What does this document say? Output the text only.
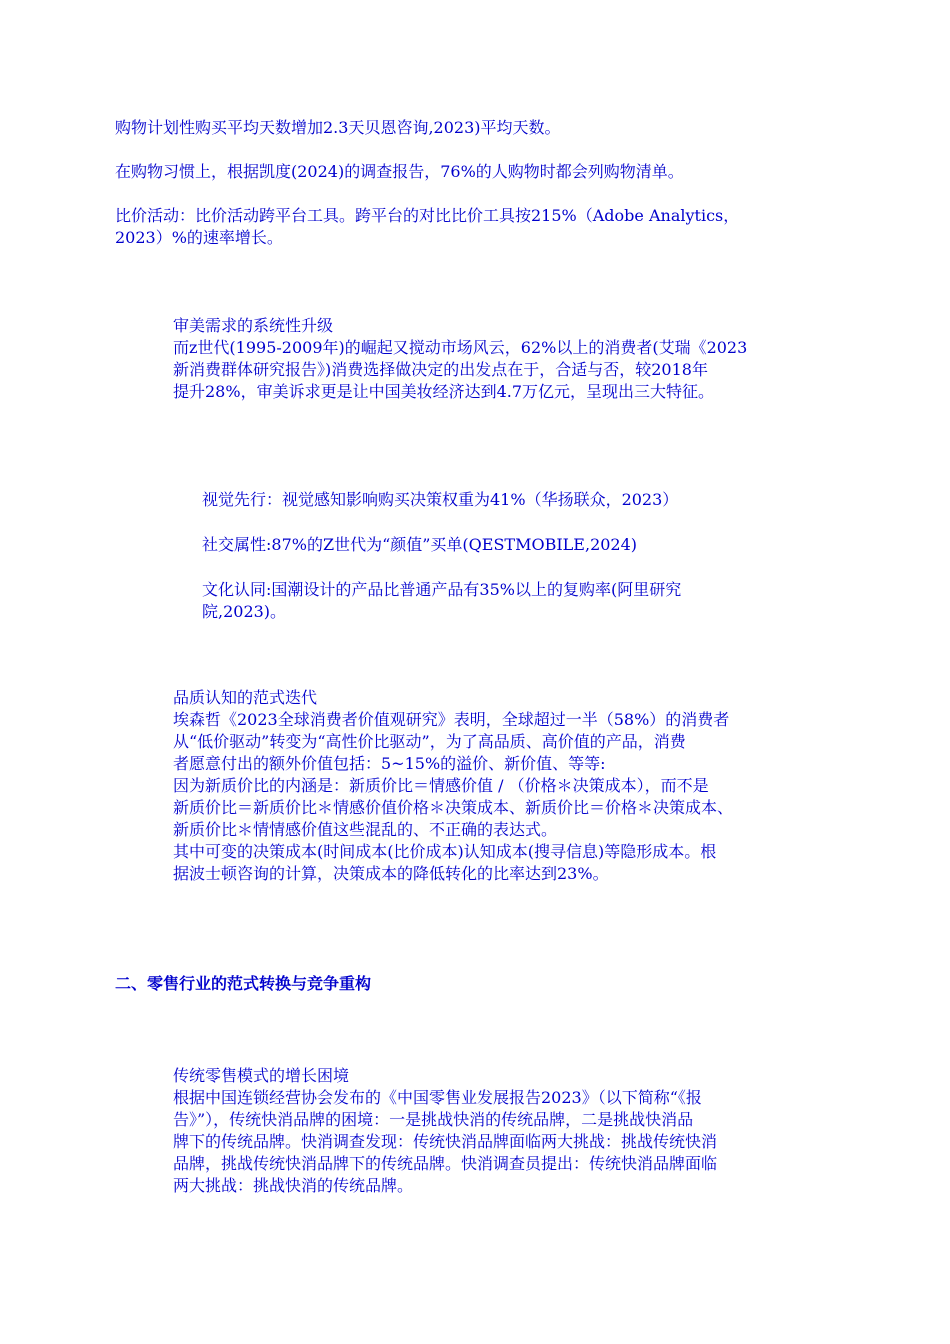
购物计划性购买平均天数增加2.3天贝恩咨询,2023)平均天数。

在购物习惯上，根据凯度(2024)的调查报告，76%的人购物时都会列购物清单。

比价活动：比价活动跨平台工具。跨平台的对比比价工具按215%（Adobe Analytics，
2023）%的速率增长。
审美需求的系统性升级
而z世代(1995-2009年)的崛起又搅动市场风云，62%以上的消费者(艾瑞《2023
新消费群体研究报告》)消费选择做决定的出发点在于，合适与否，较2018年
提升28%，审美诉求更是让中国美妆经济达到4.7万亿元，呈现出三大特征。

视觉先行：视觉感知影响购买决策权重为41%（华扬联众，2023）

社交属性:87%的Z世代为“颜值”买单(QESTMOBILE,2024)

文化认同:国潮设计的产品比普通产品有35%以上的复购率(阿里研究
院,2023)。
品质认知的范式迭代
埃森哲《2023全球消费者价值观研究》表明，全球超过一半（58%）的消费者
从“低价驱动”转变为“高性价比驱动”，为了高品质、高价值的产品，消费
者愿意付出的额外价值包括：5~15%的溢价、新价值、等等:
因为新质价比的内涵是：新质价比＝情感价值 / （价格＊决策成本），而不是
新质价比＝新质价比＊情感价值价格＊决策成本、新质价比＝价格＊决策成本、
新质价比＊情情感价值这些混乱的、不正确的表达式。
其中可变的决策成本(时间成本(比价成本)认知成本(搜寻信息)等隐形成本。根
据波士顿咨询的计算，决策成本的降低转化的比率达到23%。
二、零售行业的范式转换与竞争重构
传统零售模式的增长困境
根据中国连锁经营协会发布的《中国零售业发展报告2023》（以下简称“《报
告》”），传统快消品牌的困境：一是挑战快消的传统品牌，二是挑战快消品
牌下的传统品牌。快消调查发现：传统快消品牌面临两大挑战：挑战传统快消
品牌，挑战传统快消品牌下的传统品牌。快消调查员提出：传统快消品牌面临
两大挑战：挑战快消的传统品牌。
